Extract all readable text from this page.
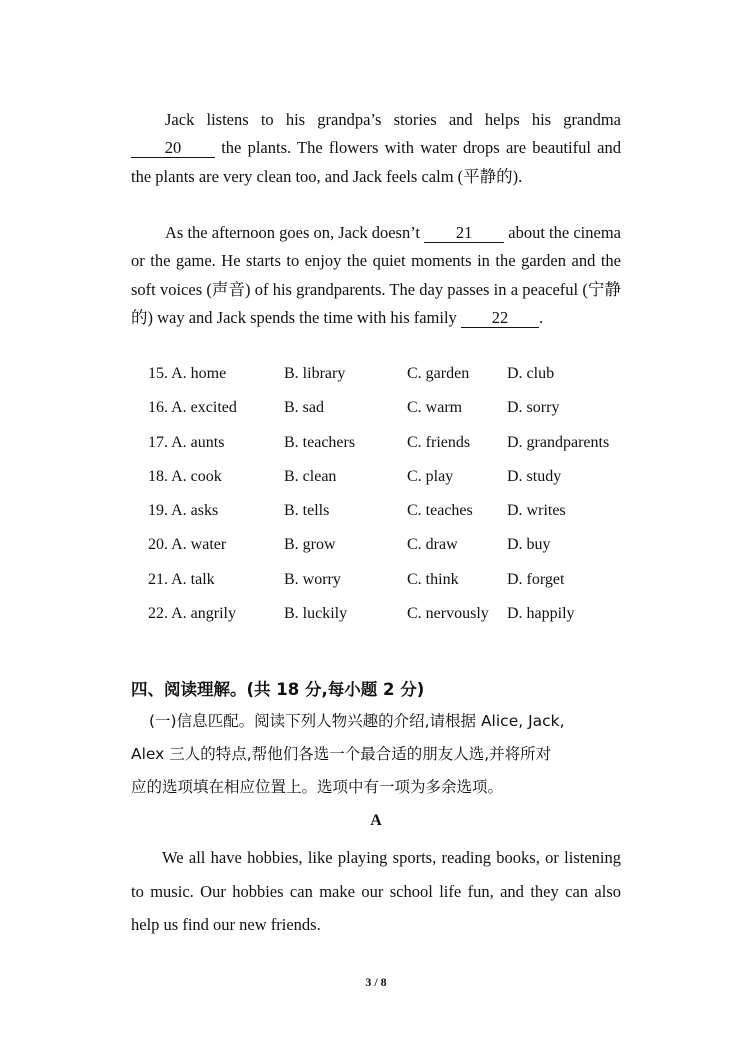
Jack listens to his grandpa’s stories and helps his grandma 20 the plants. The flowers with water drops are beautiful and the plants are very clean too, and Jack feels calm (平静的).

As the afternoon goes on, Jack doesn’t 21 about the cinema or the game. He starts to enjoy the quiet moments in the garden and the soft voices (声音) of his grandparents. The day passes in a peaceful (宁静的) way and Jack spends the time with his family 22 .

15. A. home	B. library	C. garden D. club
16. A. excited	B. sad	C. warm	D. sorry
17. A. aunts	B. teachers	C. friends D. grandparents
18. A. cook	B. clean	C. play	D. study
19. A. asks	B. tells	C. teaches D. writes
20. A. water	B. grow	C. draw	D. buy
21. A. talk	B. worry	C. think	D. forget
22. A. angrily	B. luckily	C. nervously D. happily
四、阅读理解。(共 18 分,每小题 2 分)

(一)信息匹配。阅读下列人物兴趣的介绍,请根据 Alice, Jack,

Alex 三人的特点,帮他们各选一个最合适的朋友人选,并将所对

应的选项填在相应位置上。选项中有一项为多余选项。

A

We all have hobbies, like playing sports, reading books, or listening to music. Our hobbies can make our school life fun, and they can also help us find our new friends.

3 / 8
